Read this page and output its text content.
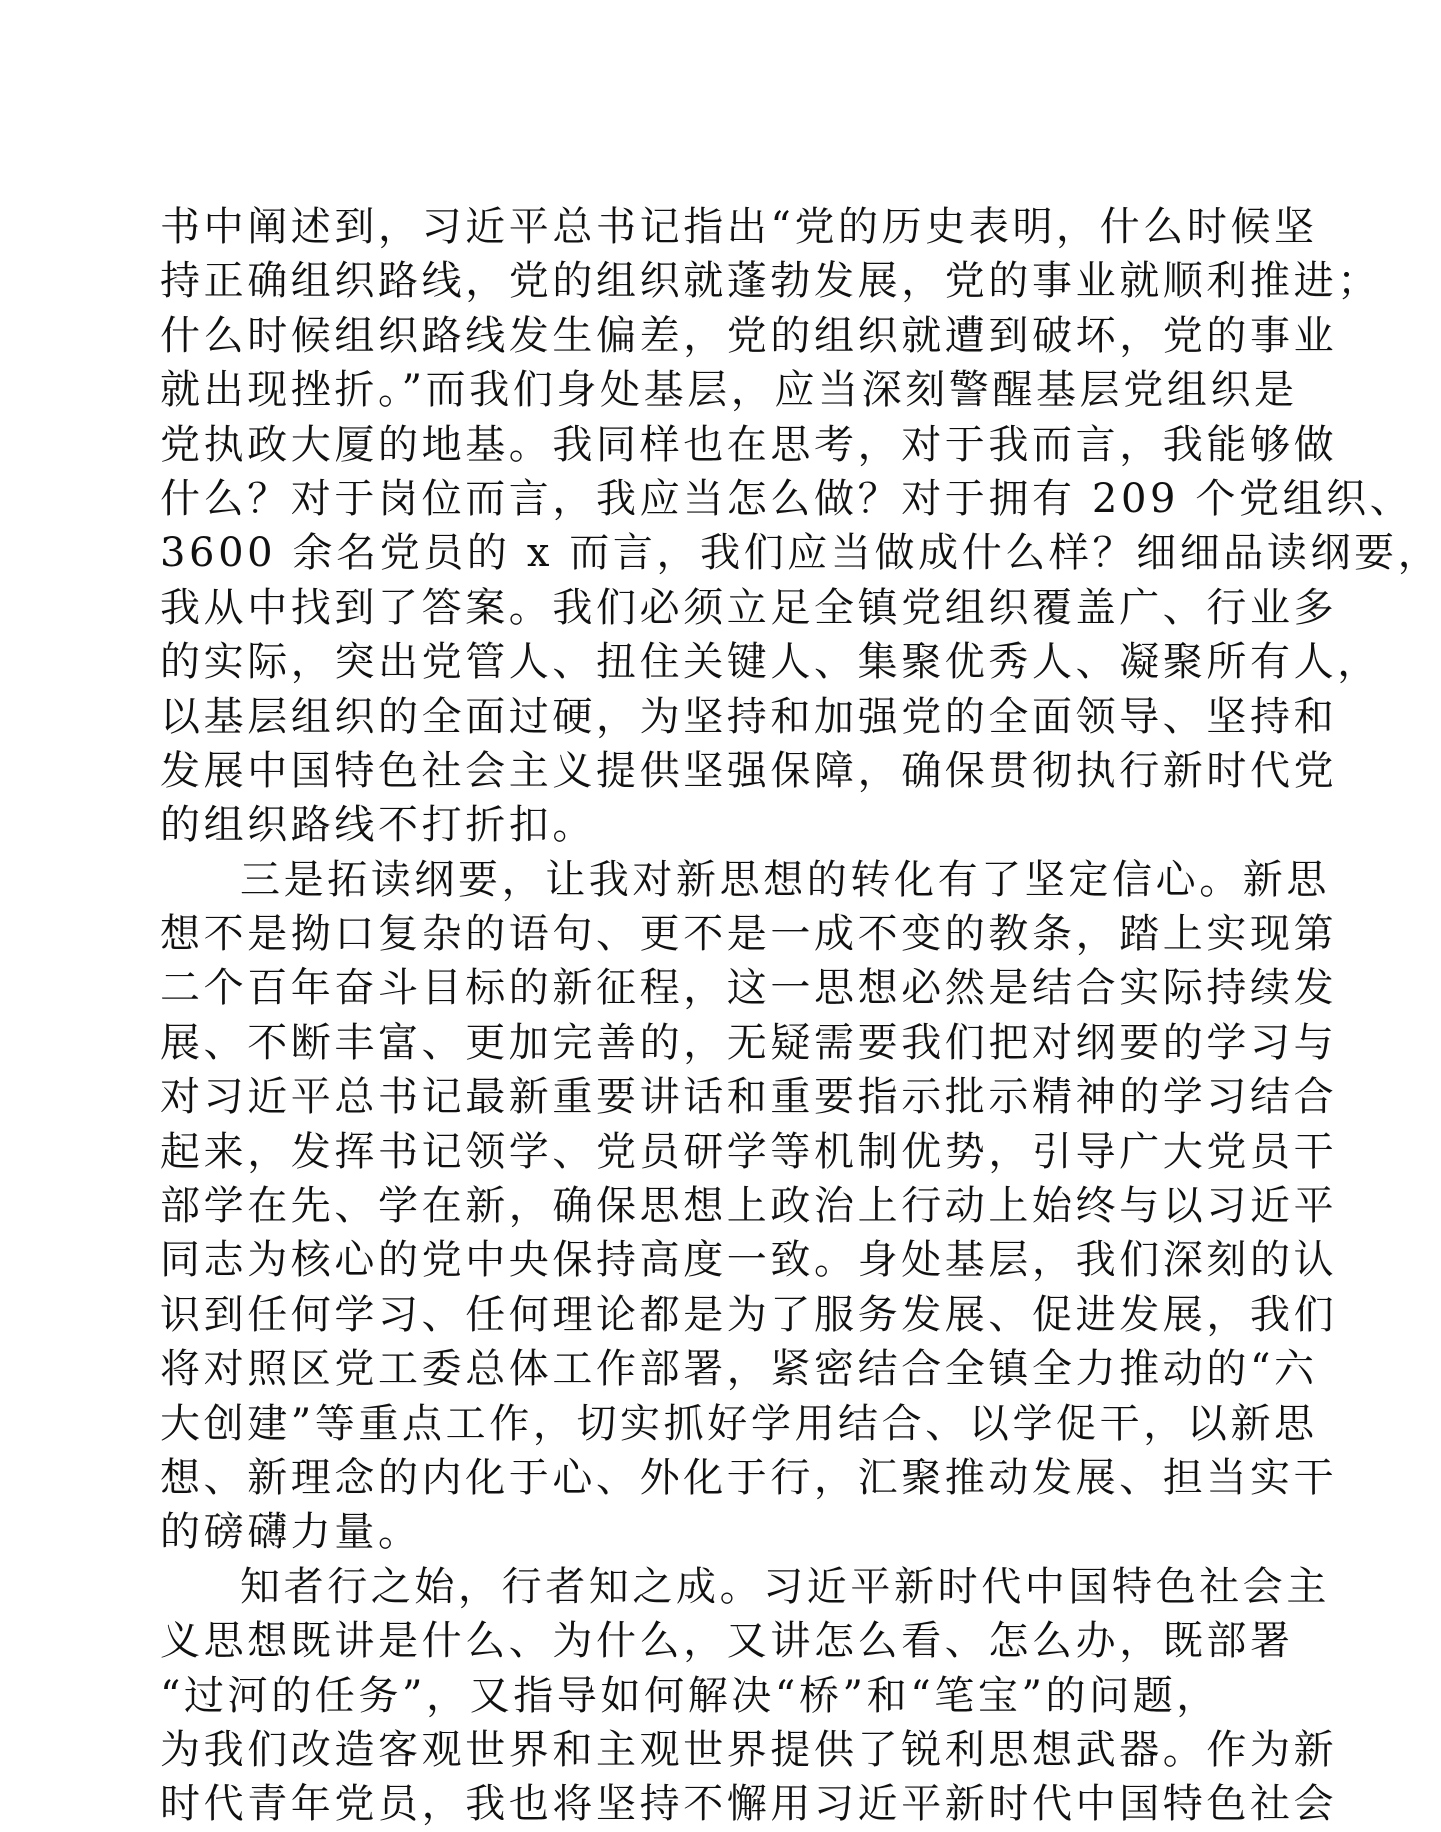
书中阐述到，习近平总书记指出“党的历史表明，什么时候坚
持正确组织路线，党的组织就蓬勃发展，党的事业就顺利推进；
什么时候组织路线发生偏差，党的组织就遭到破坏，党的事业
就出现挫折。”而我们身处基层，应当深刻警醒基层党组织是
党执政大厦的地基。我同样也在思考，对于我而言，我能够做
什么？对于岗位而言，我应当怎么做？对于拥有 209 个党组织、
3600 余名党员的 x 而言，我们应当做成什么样？细细品读纲要，
我从中找到了答案。我们必须立足全镇党组织覆盖广、行业多
的实际，突出党管人、扭住关键人、集聚优秀人、凝聚所有人，
以基层组织的全面过硬，为坚持和加强党的全面领导、坚持和
发展中国特色社会主义提供坚强保障，确保贯彻执行新时代党
的组织路线不打折扣。

三是拓读纲要，让我对新思想的转化有了坚定信心。新思
想不是拗口复杂的语句、更不是一成不变的教条，踏上实现第
二个百年奋斗目标的新征程，这一思想必然是结合实际持续发
展、不断丰富、更加完善的，无疑需要我们把对纲要的学习与
对习近平总书记最新重要讲话和重要指示批示精神的学习结合
起来，发挥书记领学、党员研学等机制优势，引导广大党员干
部学在先、学在新，确保思想上政治上行动上始终与以习近平
同志为核心的党中央保持高度一致。身处基层，我们深刻的认
识到任何学习、任何理论都是为了服务发展、促进发展，我们
将对照区党工委总体工作部署，紧密结合全镇全力推动的“六
大创建”等重点工作，切实抓好学用结合、以学促干，以新思
想、新理念的内化于心、外化于行，汇聚推动发展、担当实干
的磅礴力量。

知者行之始，行者知之成。习近平新时代中国特色社会主
义思想既讲是什么、为什么，又讲怎么看、怎么办，既部署
“过河的任务”，又指导如何解决“桥”和“笔宝”的问题，
为我们改造客观世界和主观世界提供了锐利思想武器。作为新
时代青年党员，我也将坚持不懈用习近平新时代中国特色社会
